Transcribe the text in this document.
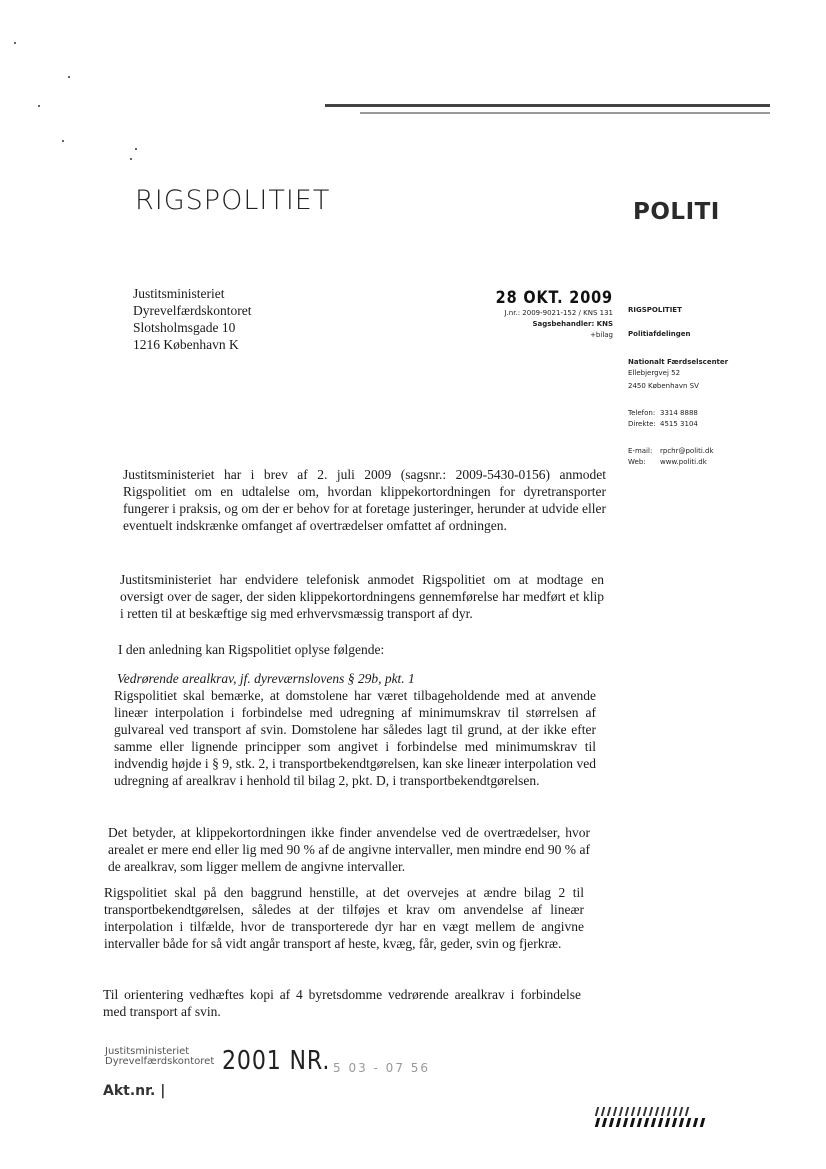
RIGSPOLITIET	POLITI
Justitsministeriet
Dyrevelfærdskontoret
Slotsholmsgade 10
1216 København K
28 OKT. 2009
J.nr.: 2009-9021-152 / KNS 131
Sagsbehandler: KNS
+bilag
RIGSPOLITIET
Politiafdelingen
Nationalt Færdselscenter
Ellebjergvej 52
2450 København SV
Telefon: 3314 8888
Direkte: 4515 3104
E-mail: rpchr@politi.dk
Web: www.politi.dk

Justitsministeriet har i brev af 2. juli 2009 (sagsnr.: 2009-5430-0156) anmodet Rigspolitiet om en udtalelse om, hvordan klippekortordningen for dyretransporter fungerer i praksis, og om der er behov for at foretage justeringer, herunder at udvide eller eventuelt indskrænke omfanget af overtrædelser omfattet af ordningen.

Justitsministeriet har endvidere telefonisk anmodet Rigspolitiet om at modtage en oversigt over de sager, der siden klippekortordningens gennemførelse har medført et klip i retten til at beskæftige sig med erhvervsmæssig transport af dyr.

I den anledning kan Rigspolitiet oplyse følgende:

Vedrørende arealkrav, jf. dyreværnslovens § 29b, pkt. 1

Rigspolitiet skal bemærke, at domstolene har været tilbageholdende med at anvende lineær interpolation i forbindelse med udregning af minimumskrav til størrelsen af gulvareal ved transport af svin. Domstolene har således lagt til grund, at der ikke efter samme eller lignende principper som angivet i forbindelse med minimumskrav til indvendig højde i § 9, stk. 2, i transportbekendtgørelsen, kan ske lineær interpolation ved udregning af arealkrav i henhold til bilag 2, pkt. D, i transportbekendtgørelsen.

Det betyder, at klippekortordningen ikke finder anvendelse ved de overtrædelser, hvor arealet er mere end eller lig med 90 % af de angivne intervaller, men mindre end 90 % af de arealkrav, som ligger mellem de angivne intervaller.

Rigspolitiet skal på den baggrund henstille, at det overvejes at ændre bilag 2 til transportbekendtgørelsen, således at der tilføjes et krav om anvendelse af lineær interpolation i tilfælde, hvor de transporterede dyr har en vægt mellem de angivne intervaller både for så vidt angår transport af heste, kvæg, får, geder, svin og fjerkræ.

Til orientering vedhæftes kopi af 4 byretsdomme vedrørende arealkrav i forbindelse med transport af svin.

Justitsministeriet
Dyrevelfærdskontoret 2001 NR. 5 03 - 07 56
Akt.nr. |
